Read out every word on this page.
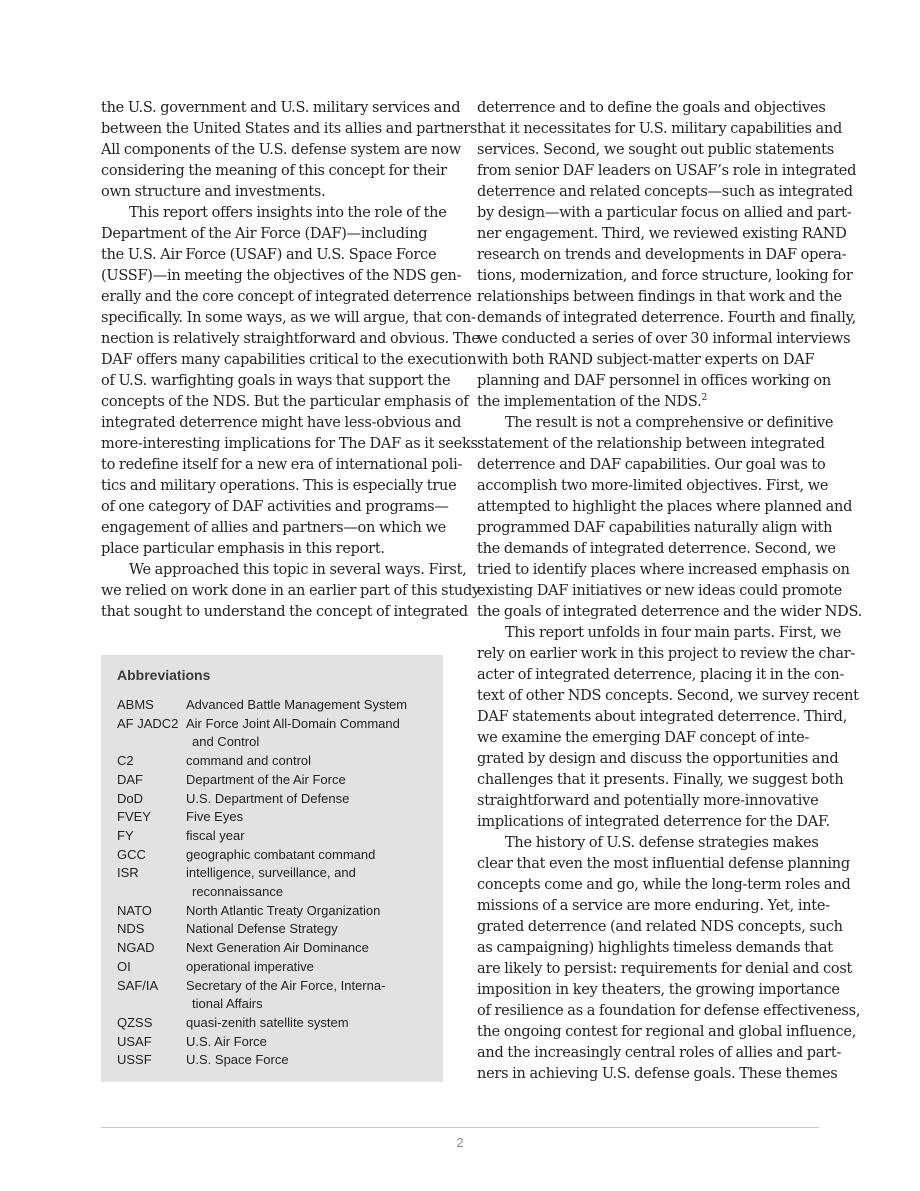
the U.S. government and U.S. military services and
between the United States and its allies and partners.
All components of the U.S. defense system are now
considering the meaning of this concept for their
own structure and investments.

This report offers insights into the role of the
Department of the Air Force (DAF)—including
the U.S. Air Force (USAF) and U.S. Space Force
(USSF)—in meeting the objectives of the NDS gen-
erally and the core concept of integrated deterrence
specifically. In some ways, as we will argue, that con-
nection is relatively straightforward and obvious. The
DAF offers many capabilities critical to the execution
of U.S. warfighting goals in ways that support the
concepts of the NDS. But the particular emphasis of
integrated deterrence might have less-obvious and
more-interesting implications for The DAF as it seeks
to redefine itself for a new era of international poli-
tics and military operations. This is especially true
of one category of DAF activities and programs—
engagement of allies and partners—on which we
place particular emphasis in this report.

We approached this topic in several ways. First,
we relied on work done in an earlier part of this study
that sought to understand the concept of integrated

deterrence and to define the goals and objectives
that it necessitates for U.S. military capabilities and
services. Second, we sought out public statements
from senior DAF leaders on USAF’s role in integrated
deterrence and related concepts—such as integrated
by design—with a particular focus on allied and part-
ner engagement. Third, we reviewed existing RAND
research on trends and developments in DAF opera-
tions, modernization, and force structure, looking for
relationships between findings in that work and the
demands of integrated deterrence. Fourth and finally,
we conducted a series of over 30 informal interviews
with both RAND subject-matter experts on DAF
planning and DAF personnel in offices working on
the implementation of the NDS.$^2$

The result is not a comprehensive or definitive
statement of the relationship between integrated
deterrence and DAF capabilities. Our goal was to
accomplish two more-limited objectives. First, we
attempted to highlight the places where planned and
programmed DAF capabilities naturally align with
the demands of integrated deterrence. Second, we
tried to identify places where increased emphasis on
existing DAF initiatives or new ideas could promote
the goals of integrated deterrence and the wider NDS.

This report unfolds in four main parts. First, we
rely on earlier work in this project to review the char-
acter of integrated deterrence, placing it in the con-
text of other NDS concepts. Second, we survey recent
DAF statements about integrated deterrence. Third,
we examine the emerging DAF concept of inte-
grated by design and discuss the opportunities and
challenges that it presents. Finally, we suggest both
straightforward and potentially more-innovative
implications of integrated deterrence for the DAF.

The history of U.S. defense strategies makes
clear that even the most influential defense planning
concepts come and go, while the long-term roles and
missions of a service are more enduring. Yet, inte-
grated deterrence (and related NDS concepts, such
as campaigning) highlights timeless demands that
are likely to persist: requirements for denial and cost
imposition in key theaters, the growing importance
of resilience as a foundation for defense effectiveness,
the ongoing contest for regional and global influence,
and the increasingly central roles of allies and part-
ners in achieving U.S. defense goals. These themes

Abbreviations
ABMS Advanced Battle Management System
AF JADC2 Air Force Joint All-Domain Command
and Control
C2	command and control
DAF	Department of the Air Force
DoD	U.S. Department of Defense
FVEY	Five Eyes
FY	fiscal year
GCC	geographic combatant command
ISR	intelligence, surveillance, and
reconnaissance
NATO	North Atlantic Treaty Organization
NDS	National Defense Strategy
NGAD Next Generation Air Dominance
OI	operational imperative
SAF/IA Secretary of the Air Force, Interna-
tional Affairs
QZSS	quasi-zenith satellite system
USAF	U.S. Air Force
USSF	U.S. Space Force
2
